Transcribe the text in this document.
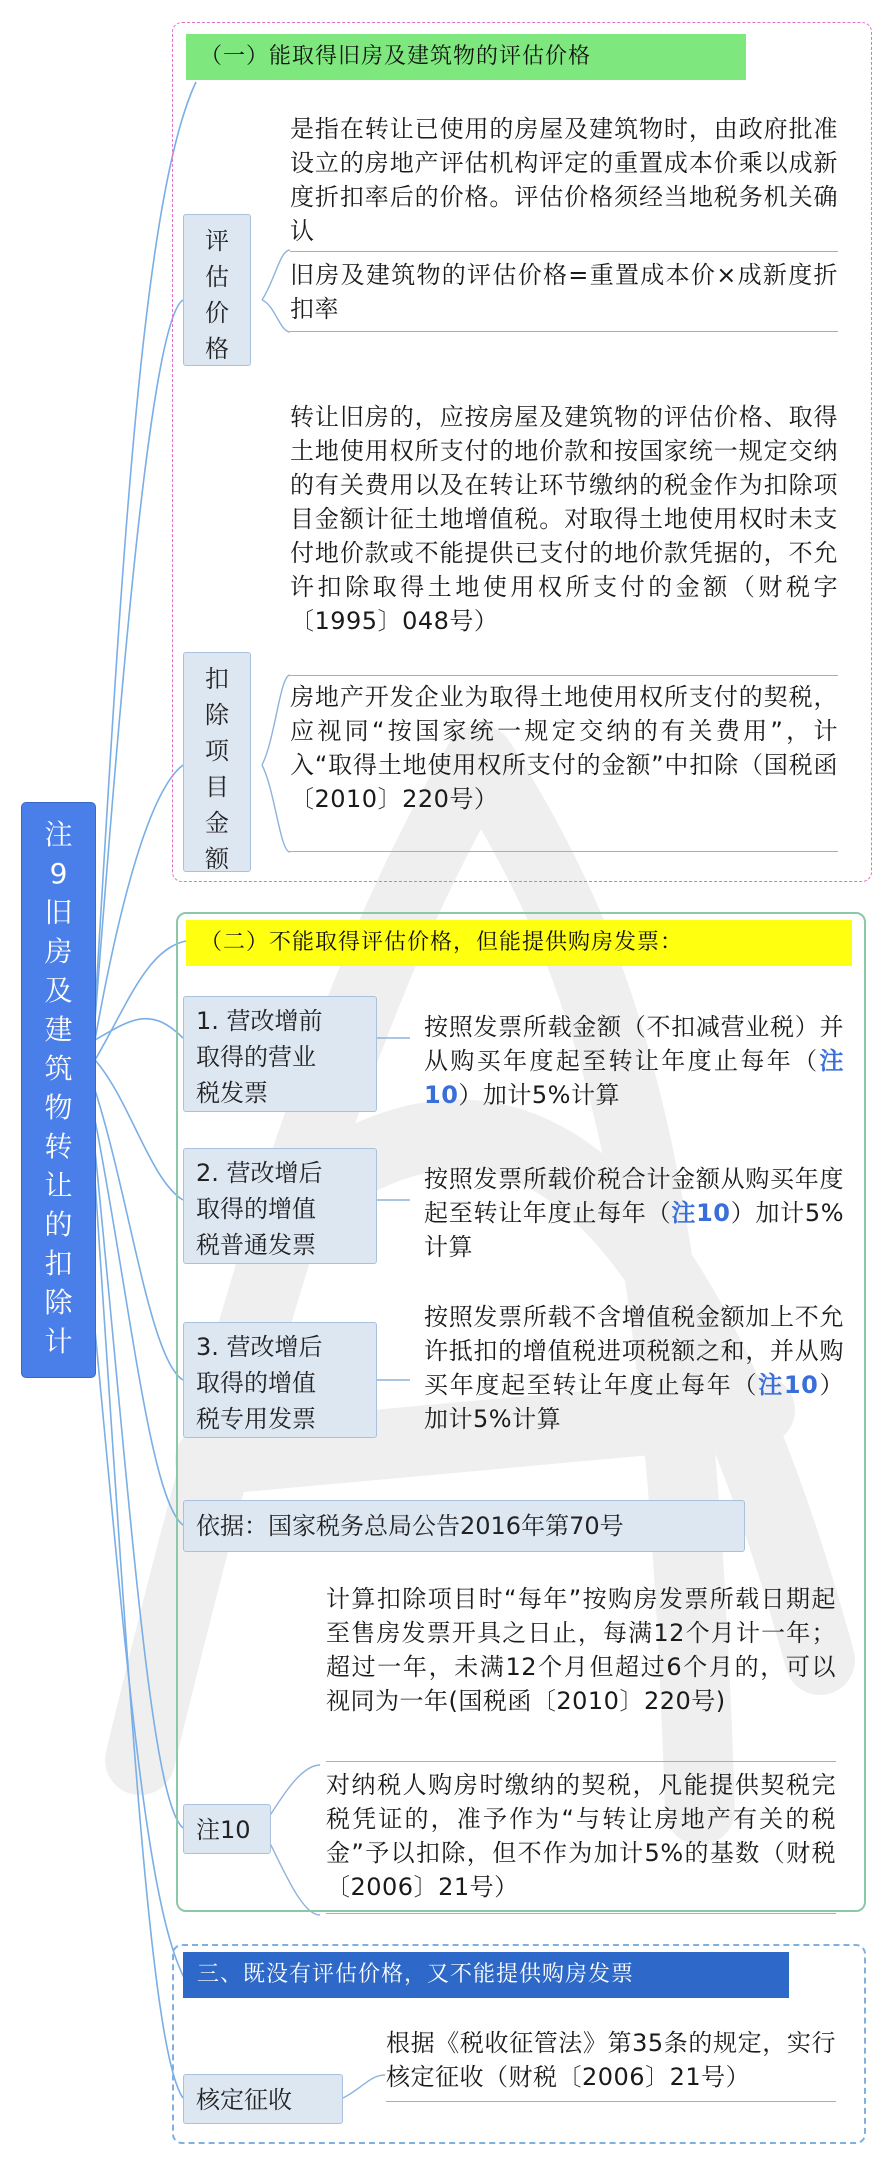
（一）能取得旧房及建筑物的评估价格
评
估
价
格
是指在转让已使用的房屋及建筑物时，由政府批准设立的房地产评估机构评定的重置成本价乘以成新度折扣率后的价格。评估价格须经当地税务机关确认
旧房及建筑物的评估价格=重置成本价×成新度折扣率
扣
除
项
目
金
额
转让旧房的，应按房屋及建筑物的评估价格、取得土地使用权所支付的地价款和按国家统一规定交纳的有关费用以及在转让环节缴纳的税金作为扣除项目金额计征土地增值税。对取得土地使用权时未支付地价款或不能提供已支付的地价款凭据的，不允许扣除取得土地使用权所支付的金额（财税字〔1995〕048号）
房地产开发企业为取得土地使用权所支付的契税，应视同“按国家统一规定交纳的有关费用”，计入“取得土地使用权所支付的金额”中扣除（国税函〔2010〕220号）
注
9
旧
房
及
建
筑
物
转
让
的
扣
除
计
（二）不能取得评估价格，但能提供购房发票：
1. 营改增前
取得的营业
税发票
按照发票所载金额（不扣减营业税）并从购买年度起至转让年度止每年（注10）加计5%计算
2. 营改增后
取得的增值
税普通发票
按照发票所载价税合计金额从购买年度起至转让年度止每年（注10）加计5%计算
3. 营改增后
取得的增值
税专用发票
按照发票所载不含增值税金额加上不允许抵扣的增值税进项税额之和，并从购买年度起至转让年度止每年（注10）加计5%计算
依据：国家税务总局公告2016年第70号
注10
计算扣除项目时“每年”按购房发票所载日期起至售房发票开具之日止，每满12个月计一年；超过一年，未满12个月但超过6个月的，可以视同为一年(国税函〔2010〕220号)
对纳税人购房时缴纳的契税，凡能提供契税完税凭证的，准予作为“与转让房地产有关的税金”予以扣除，但不作为加计5%的基数（财税〔2006〕21号）
三、既没有评估价格，又不能提供购房发票
核定征收
根据《税收征管法》第35条的规定，实行核定征收（财税〔2006〕21号）
